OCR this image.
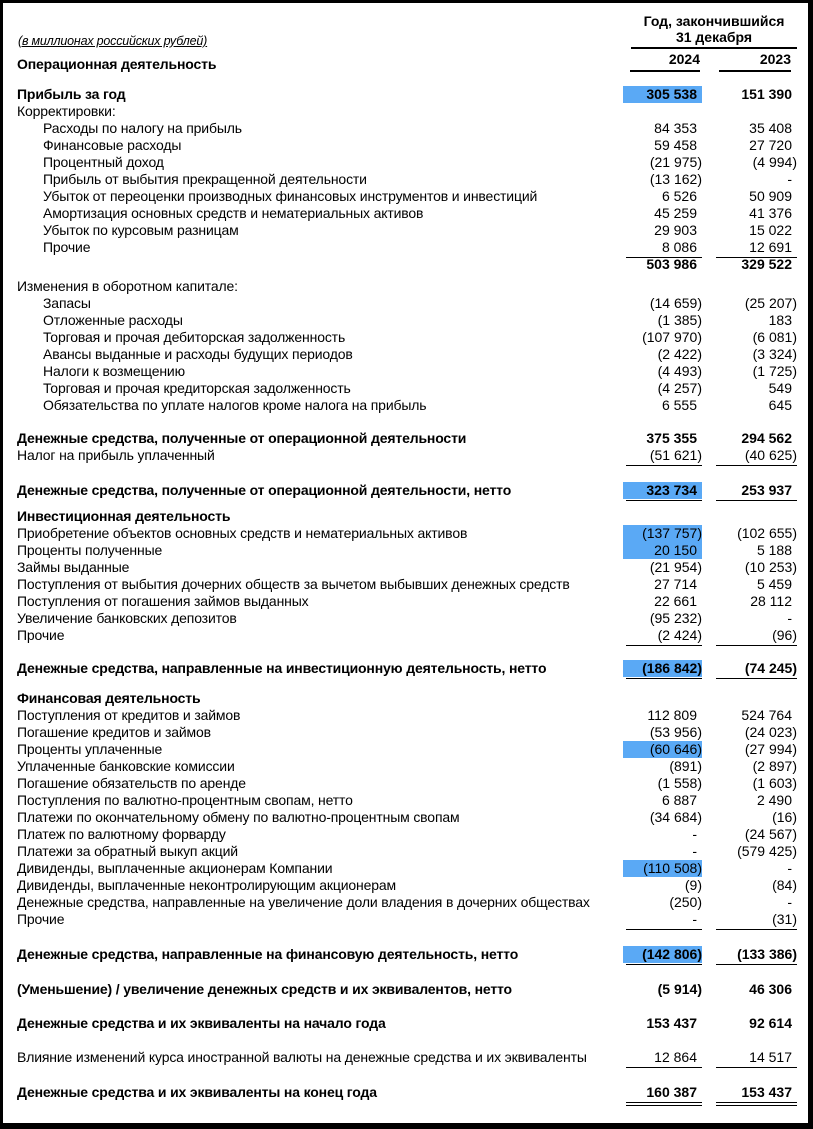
(в миллионах российских рублей)
Год, закончившийся
31 декабря
2024	2023
Операционная деятельность
Прибыль за год	305 538	151 390
Корректировки:
Расходы по налогу на прибыль	84 353	35 408
Финансовые расходы	59 458	27 720
Процентный доход	(21 975)	(4 994)
Прибыль от выбытия прекращенной деятельности	(13 162)	-
Убыток от переоценки производных финансовых инструментов и инвестиций	6 526	50 909
Амортизация основных средств и нематериальных активов	45 259	41 376
Убыток по курсовым разницам	29 903	15 022
Прочие	8 086	12 691
503 986	329 522
Изменения в оборотном капитале:
Запасы	(14 659)	(25 207)
Отложенные расходы	(1 385)	183
Торговая и прочая дебиторская задолженность	(107 970)	(6 081)
Авансы выданные и расходы будущих периодов	(2 422)	(3 324)
Налоги к возмещению	(4 493)	(1 725)
Торговая и прочая кредиторская задолженность	(4 257)	549
Обязательства по уплате налогов кроме налога на прибыль	6 555	645
Денежные средства, полученные от операционной деятельности	375 355	294 562
Налог на прибыль уплаченный	(51 621)	(40 625)
Денежные средства, полученные от операционной деятельности, нетто	323 734	253 937
Инвестиционная деятельность
Приобретение объектов основных средств и нематериальных активов	(137 757)	(102 655)
Проценты полученные	20 150	5 188
Займы выданные	(21 954)	(10 253)
Поступления от выбытия дочерних обществ за вычетом выбывших денежных средств	27 714	5 459
Поступления от погашения займов выданных	22 661	28 112
Увеличение банковских депозитов	(95 232)	-
Прочие	(2 424)	(96)
Денежные средства, направленные на инвестиционную деятельность, нетто	(186 842)	(74 245)
Финансовая деятельность
Поступления от кредитов и займов	112 809	524 764
Погашение кредитов и займов	(53 956)	(24 023)
Проценты уплаченные	(60 646)	(27 994)
Уплаченные банковские комиссии	(891)	(2 897)
Погашение обязательств по аренде	(1 558)	(1 603)
Поступления по валютно-процентным свопам, нетто	6 887	2 490
Платежи по окончательному обмену по валютно-процентным свопам	(34 684)	(16)
Платеж по валютному форварду	-	(24 567)
Платежи за обратный выкуп акций	-	(579 425)
Дивиденды, выплаченные акционерам Компании	(110 508)	-
Дивиденды, выплаченные неконтролирующим акционерам	(9)	(84)
Денежные средства, направленные на увеличение доли владения в дочерних обществах	(250)	-
Прочие	-	(31)
Денежные средства, направленные на финансовую деятельность, нетто	(142 806)	(133 386)
(Уменьшение) / увеличение денежных средств и их эквивалентов, нетто	(5 914)	46 306
Денежные средства и их эквиваленты на начало года	153 437	92 614
Влияние изменений курса иностранной валюты на денежные средства и их эквиваленты	12 864	14 517
Денежные средства и их эквиваленты на конец года	160 387	153 437
